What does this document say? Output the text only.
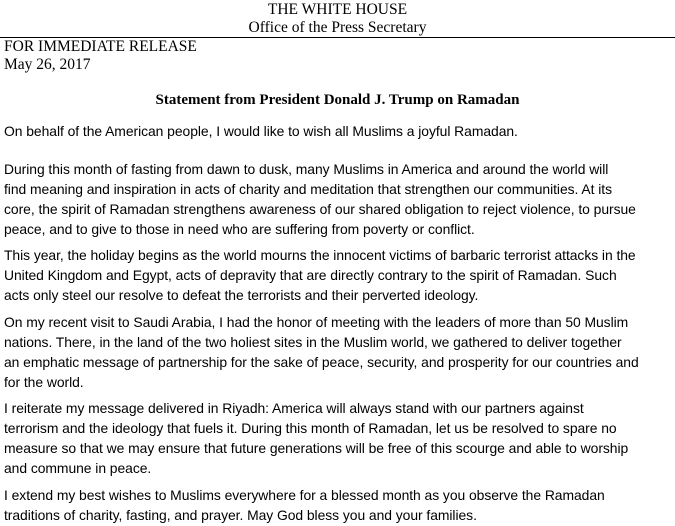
THE WHITE HOUSE
Office of the Press Secretary
FOR IMMEDIATE RELEASE
May 26, 2017
Statement from President Donald J. Trump on Ramadan

On behalf of the American people, I would like to wish all Muslims a joyful Ramadan.

During this month of fasting from dawn to dusk, many Muslims in America and around the world will
find meaning and inspiration in acts of charity and meditation that strengthen our communities. At its
core, the spirit of Ramadan strengthens awareness of our shared obligation to reject violence, to pursue
peace, and to give to those in need who are suffering from poverty or conflict.

This year, the holiday begins as the world mourns the innocent victims of barbaric terrorist attacks in the
United Kingdom and Egypt, acts of depravity that are directly contrary to the spirit of Ramadan. Such
acts only steel our resolve to defeat the terrorists and their perverted ideology.

On my recent visit to Saudi Arabia, I had the honor of meeting with the leaders of more than 50 Muslim
nations. There, in the land of the two holiest sites in the Muslim world, we gathered to deliver together
an emphatic message of partnership for the sake of peace, security, and prosperity for our countries and
for the world.

I reiterate my message delivered in Riyadh: America will always stand with our partners against
terrorism and the ideology that fuels it. During this month of Ramadan, let us be resolved to spare no
measure so that we may ensure that future generations will be free of this scourge and able to worship
and commune in peace.

I extend my best wishes to Muslims everywhere for a blessed month as you observe the Ramadan
traditions of charity, fasting, and prayer. May God bless you and your families.
